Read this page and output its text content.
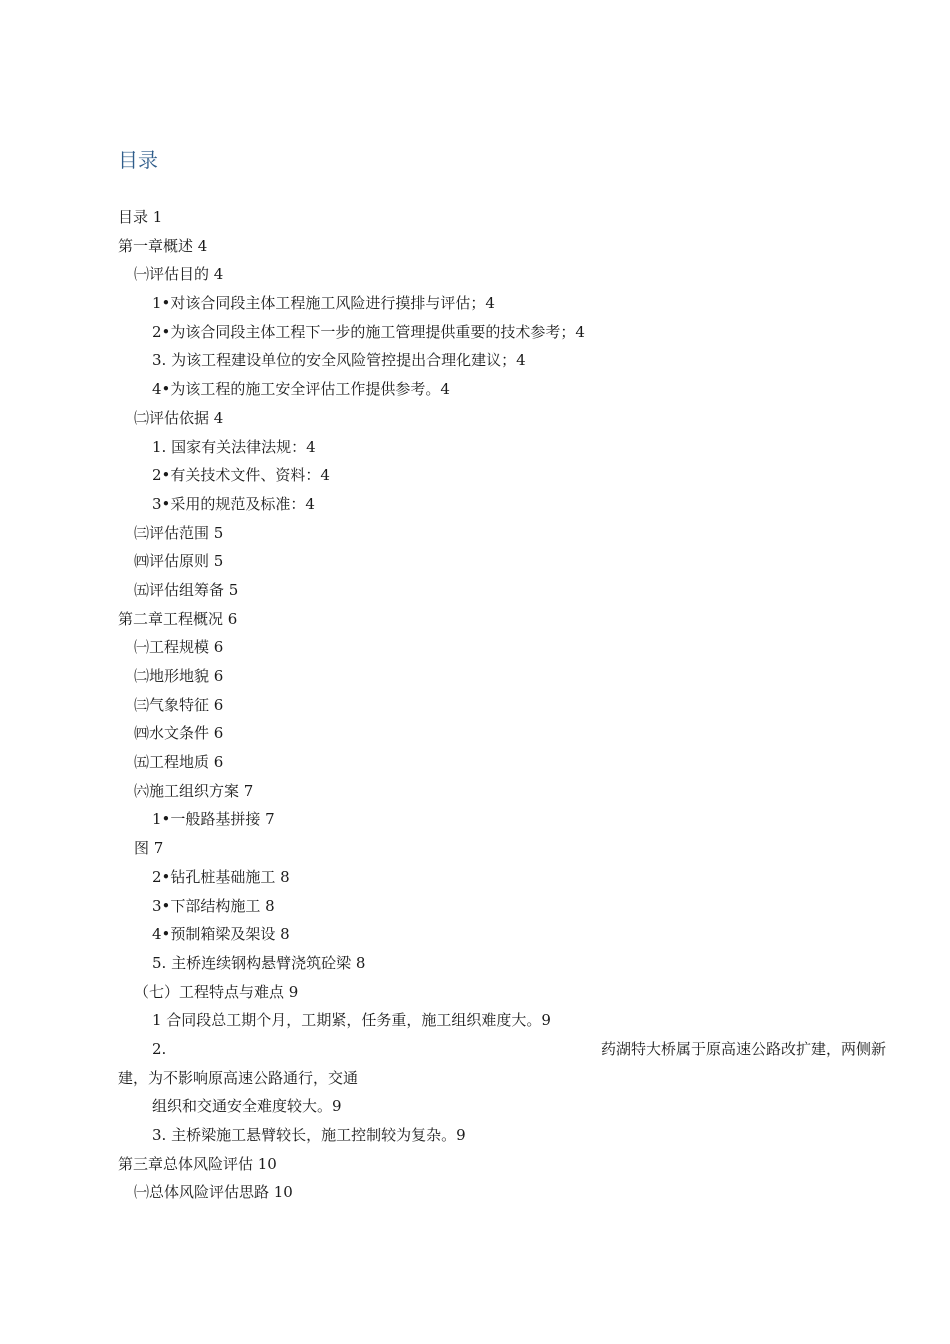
目录
目录 1
第一章概述 4
㈠评估目的 4
1•对该合同段主体工程施工风险进行摸排与评估；4
2•为该合同段主体工程下一步的施工管理提供重要的技术参考；4
3. 为该工程建设单位的安全风险管控提出合理化建议；4
4•为该工程的施工安全评估工作提供参考。4
㈡评估依据 4
1. 国家有关法律法规：4
2•有关技术文件、资料：4
3•采用的规范及标准：4
㈢评估范围 5
㈣评估原则 5
㈤评估组筹备 5
第二章工程概况 6
㈠工程规模 6
㈡地形地貌 6
㈢气象特征 6
㈣水文条件 6
㈤工程地质 6
㈥施工组织方案 7
1•一般路基拼接 7
图 7
2•钻孔桩基础施工 8
3•下部结构施工 8
4•预制箱梁及架设 8
5. 主桥连续钢构悬臂浇筑砼梁 8
（七）工程特点与难点 9
1 合同段总工期个月，工期紧，任务重，施工组织难度大。9
2.	药湖特大桥属于原高速公路改扩建，两侧新
建，为不影响原高速公路通行，交通
组织和交通安全难度较大。9
3. 主桥梁施工悬臂较长，施工控制较为复杂。9
第三章总体风险评估 10
㈠总体风险评估思路 10
